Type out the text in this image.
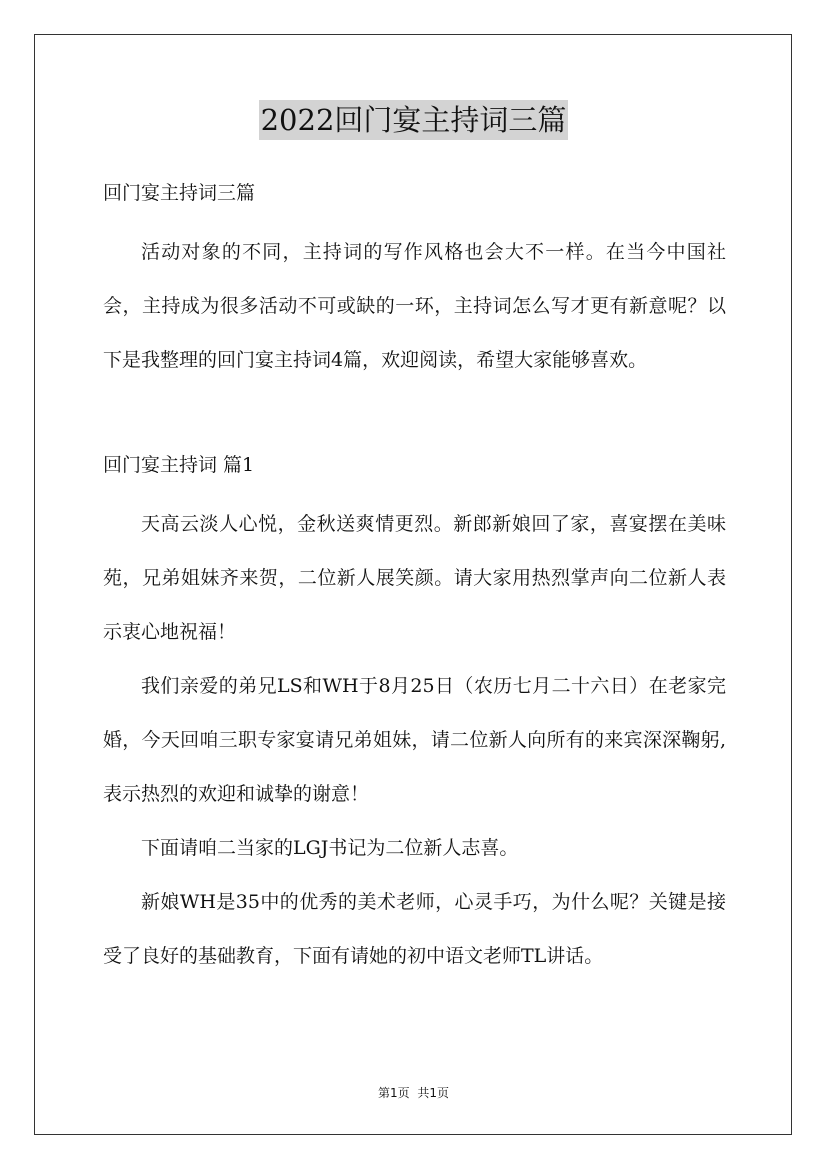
2022回门宴主持词三篇

回门宴主持词三篇

活动对象的不同，主持词的写作风格也会大不一样。在当今中国社会，主持成为很多活动不可或缺的一环，主持词怎么写才更有新意呢？以下是我整理的回门宴主持词4篇，欢迎阅读，希望大家能够喜欢。

回门宴主持词 篇1

天高云淡人心悦，金秋送爽情更烈。新郎新娘回了家，喜宴摆在美味苑，兄弟姐妹齐来贺，二位新人展笑颜。请大家用热烈掌声向二位新人表示衷心地祝福！

我们亲爱的弟兄LS和WH于8月25日（农历七月二十六日）在老家完婚，今天回咱三职专家宴请兄弟姐妹，请二位新人向所有的来宾深深鞠躬,表示热烈的欢迎和诚挚的谢意！

下面请咱二当家的LGJ书记为二位新人志喜。

新娘WH是35中的优秀的美术老师，心灵手巧，为什么呢？关键是接受了良好的基础教育，下面有请她的初中语文老师TL讲话。

第1页 共1页
